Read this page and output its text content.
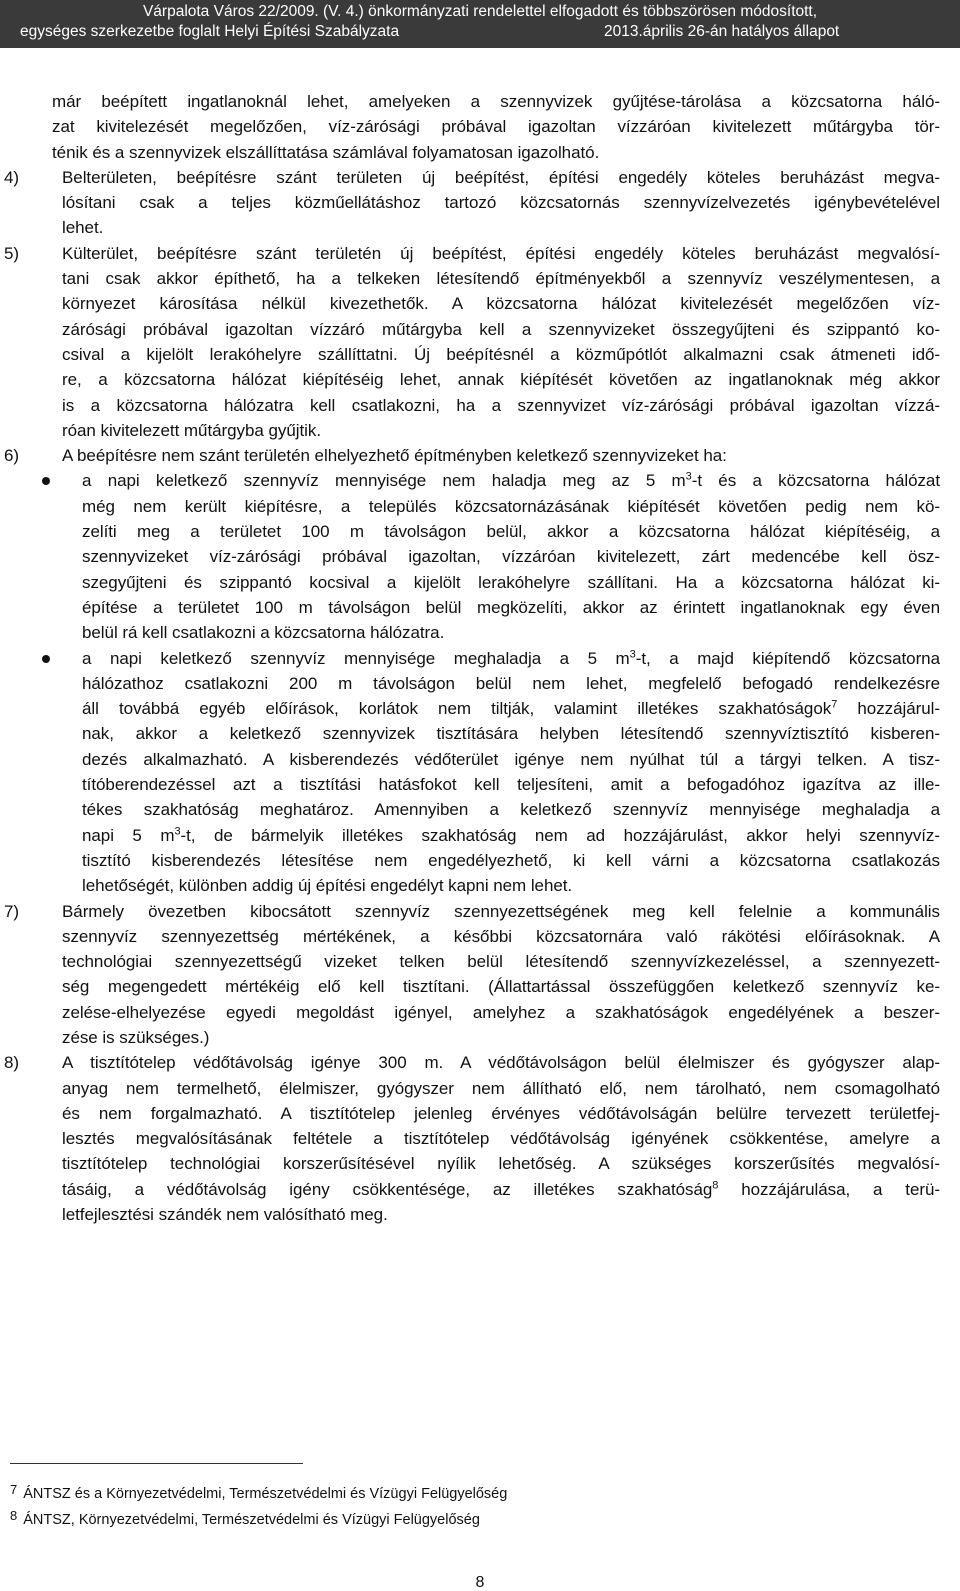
Várpalota Város 22/2009. (V. 4.) önkormányzati rendelettel elfogadott és többszörösen módosított,
egységes szerkezetbe foglalt Helyi Építési Szabályzata	2013.április 26-án hatályos állapot
már beépített ingatlanoknál lehet, amelyeken a szennyvizek gyűjtése-tárolása a közcsatorna háló-
zat kivitelezését megelőzően, víz-zárósági próbával igazoltan vízzáróan kivitelezett műtárgyba tör-
ténik és a szennyvizek elszállíttatása számlával folyamatosan igazolható.
4)	Belterületen, beépítésre szánt területen új beépítést, építési engedély köteles beruházást megva-
lósítani csak a teljes közműellátáshoz tartozó közcsatornás szennyvízelvezetés igénybevételével
lehet.
5)	Külterület, beépítésre szánt területén új beépítést, építési engedély köteles beruházást megvalósí-
tani csak akkor építhető, ha a telkeken létesítendő építményekből a szennyvíz veszélymentesen, a
környezet károsítása nélkül kivezethetők. A közcsatorna hálózat kivitelezését megelőzően víz-
zárósági próbával igazoltan vízzáró műtárgyba kell a szennyvizeket összegyűjteni és szippantó ko-
csival a kijelölt lerakóhelyre szállíttatni. Új beépítésnél a közműpótlót alkalmazni csak átmeneti idő-
re, a közcsatorna hálózat kiépítéséig lehet, annak kiépítését követően az ingatlanoknak még akkor
is a közcsatorna hálózatra kell csatlakozni, ha a szennyvizet víz-zárósági próbával igazoltan vízzá-
róan kivitelezett műtárgyba gyűjtik.
6)	A beépítésre nem szánt területén elhelyezhető építményben keletkező szennyvizeket ha:
a napi keletkező szennyvíz mennyisége nem haladja meg az 5 $m^3-t$ és a közcsatorna hálózat
még nem került kiépítésre, a település közcsatornázásának kiépítését követően pedig nem kö-
zelíti meg a területet 100 m távolságon belül, akkor a közcsatorna hálózat kiépítéséig, a
szennyvizeket víz-zárósági próbával igazoltan, vízzáróan kivitelezett, zárt medencébe kell ösz-
szegyűjteni és szippantó kocsival a kijelölt lerakóhelyre szállítani. Ha a közcsatorna hálózat ki-
építése a területet 100 m távolságon belül megközelíti, akkor az érintett ingatlanoknak egy éven
belül rá kell csatlakozni a közcsatorna hálózatra.
a napi keletkező szennyvíz mennyisége meghaladja a 5 $m^3-t$, a majd kiépítendő közcsatorna
hálózathoz csatlakozni 200 m távolságon belül nem lehet, megfelelő befogadó rendelkezésre
áll továbbá egyéb előírások, korlátok nem tiltják, valamint illetékes szakhatóságok$^7$ hozzájárul-
nak, akkor a keletkező szennyvizek tisztítására helyben létesítendő szennyvíztisztító kisberen-
dezés alkalmazható. A kisberendezés védőterület igénye nem nyúlhat túl a tárgyi telken. A tisz-
títóberendezéssel azt a tisztítási hatásfokot kell teljesíteni, amit a befogadóhoz igazítva az ille-
tékes szakhatóság meghatároz. Amennyiben a keletkező szennyvíz mennyisége meghaladja a
napi 5 $m^3-t$, de bármelyik illetékes szakhatóság nem ad hozzájárulást, akkor helyi szennyvíz-
tisztító kisberendezés létesítése nem engedélyezhető, ki kell várni a közcsatorna csatlakozás
lehetőségét, különben addig új építési engedélyt kapni nem lehet.
7)	Bármely övezetben kibocsátott szennyvíz szennyezettségének meg kell felelnie a kommunális
szennyvíz szennyezettség mértékének, a későbbi közcsatornára való rákötési előírásoknak. A
technológiai szennyezettségű vizeket telken belül létesítendő szennyvízkezeléssel, a szennyezett-
ség megengedett mértékéig elő kell tisztítani. (Állattartással összefüggően keletkező szennyvíz ke-
zelése-elhelyezése egyedi megoldást igényel, amelyhez a szakhatóságok engedélyének a beszer-
zése is szükséges.)
8)	A tisztítótelep védőtávolság igénye 300 m. A védőtávolságon belül élelmiszer és gyógyszer alap-
anyag nem termelhető, élelmiszer, gyógyszer nem állítható elő, nem tárolható, nem csomagolható
és nem forgalmazható. A tisztítótelep jelenleg érvényes védőtávolságán belülre tervezett területfej-
lesztés megvalósításának feltétele a tisztítótelep védőtávolság igényének csökkentése, amelyre a
tisztítótelep technológiai korszerűsítésével nyílik lehetőség. A szükséges korszerűsítés megvalósí-
tásáig, a védőtávolság igény csökkentésége, az illetékes szakhatóság$^8$ hozzájárulása, a terü-
letfejlesztési szándék nem valósítható meg.
$^7$ ÁNTSZ és a Környezetvédelmi, Természetvédelmi és Vízügyi Felügyelőség
$^8$ ÁNTSZ, Környezetvédelmi, Természetvédelmi és Vízügyi Felügyelőség
8
